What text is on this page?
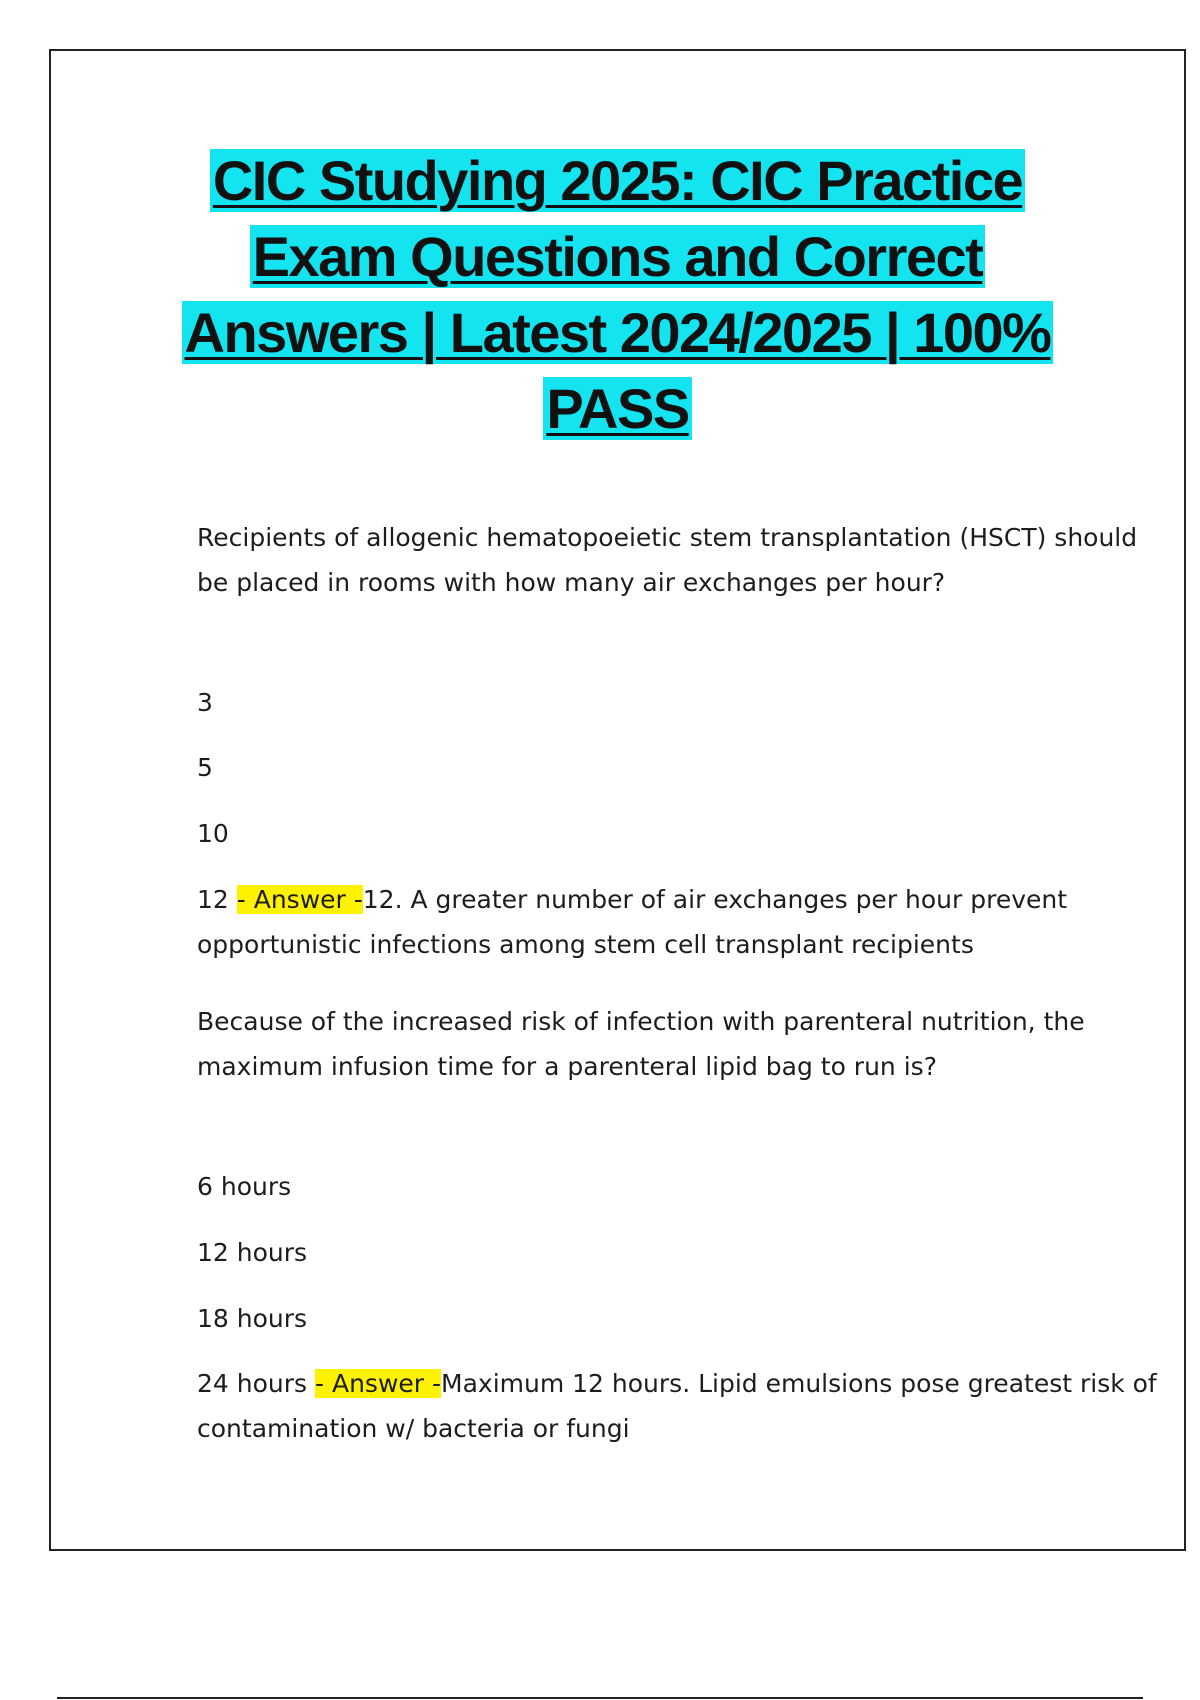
CIC Studying 2025: CIC Practice
Exam Questions and Correct
Answers | Latest 2024/2025 | 100%
PASS

Recipients of allogenic hematopoeietic stem transplantation (HSCT) should be placed in rooms with how many air exchanges per hour?

3

5

10

12 - Answer -12. A greater number of air exchanges per hour prevent opportunistic infections among stem cell transplant recipients

Because of the increased risk of infection with parenteral nutrition, the maximum infusion time for a parenteral lipid bag to run is?

6 hours

12 hours

18 hours

24 hours - Answer -Maximum 12 hours. Lipid emulsions pose greatest risk of contamination w/ bacteria or fungi
